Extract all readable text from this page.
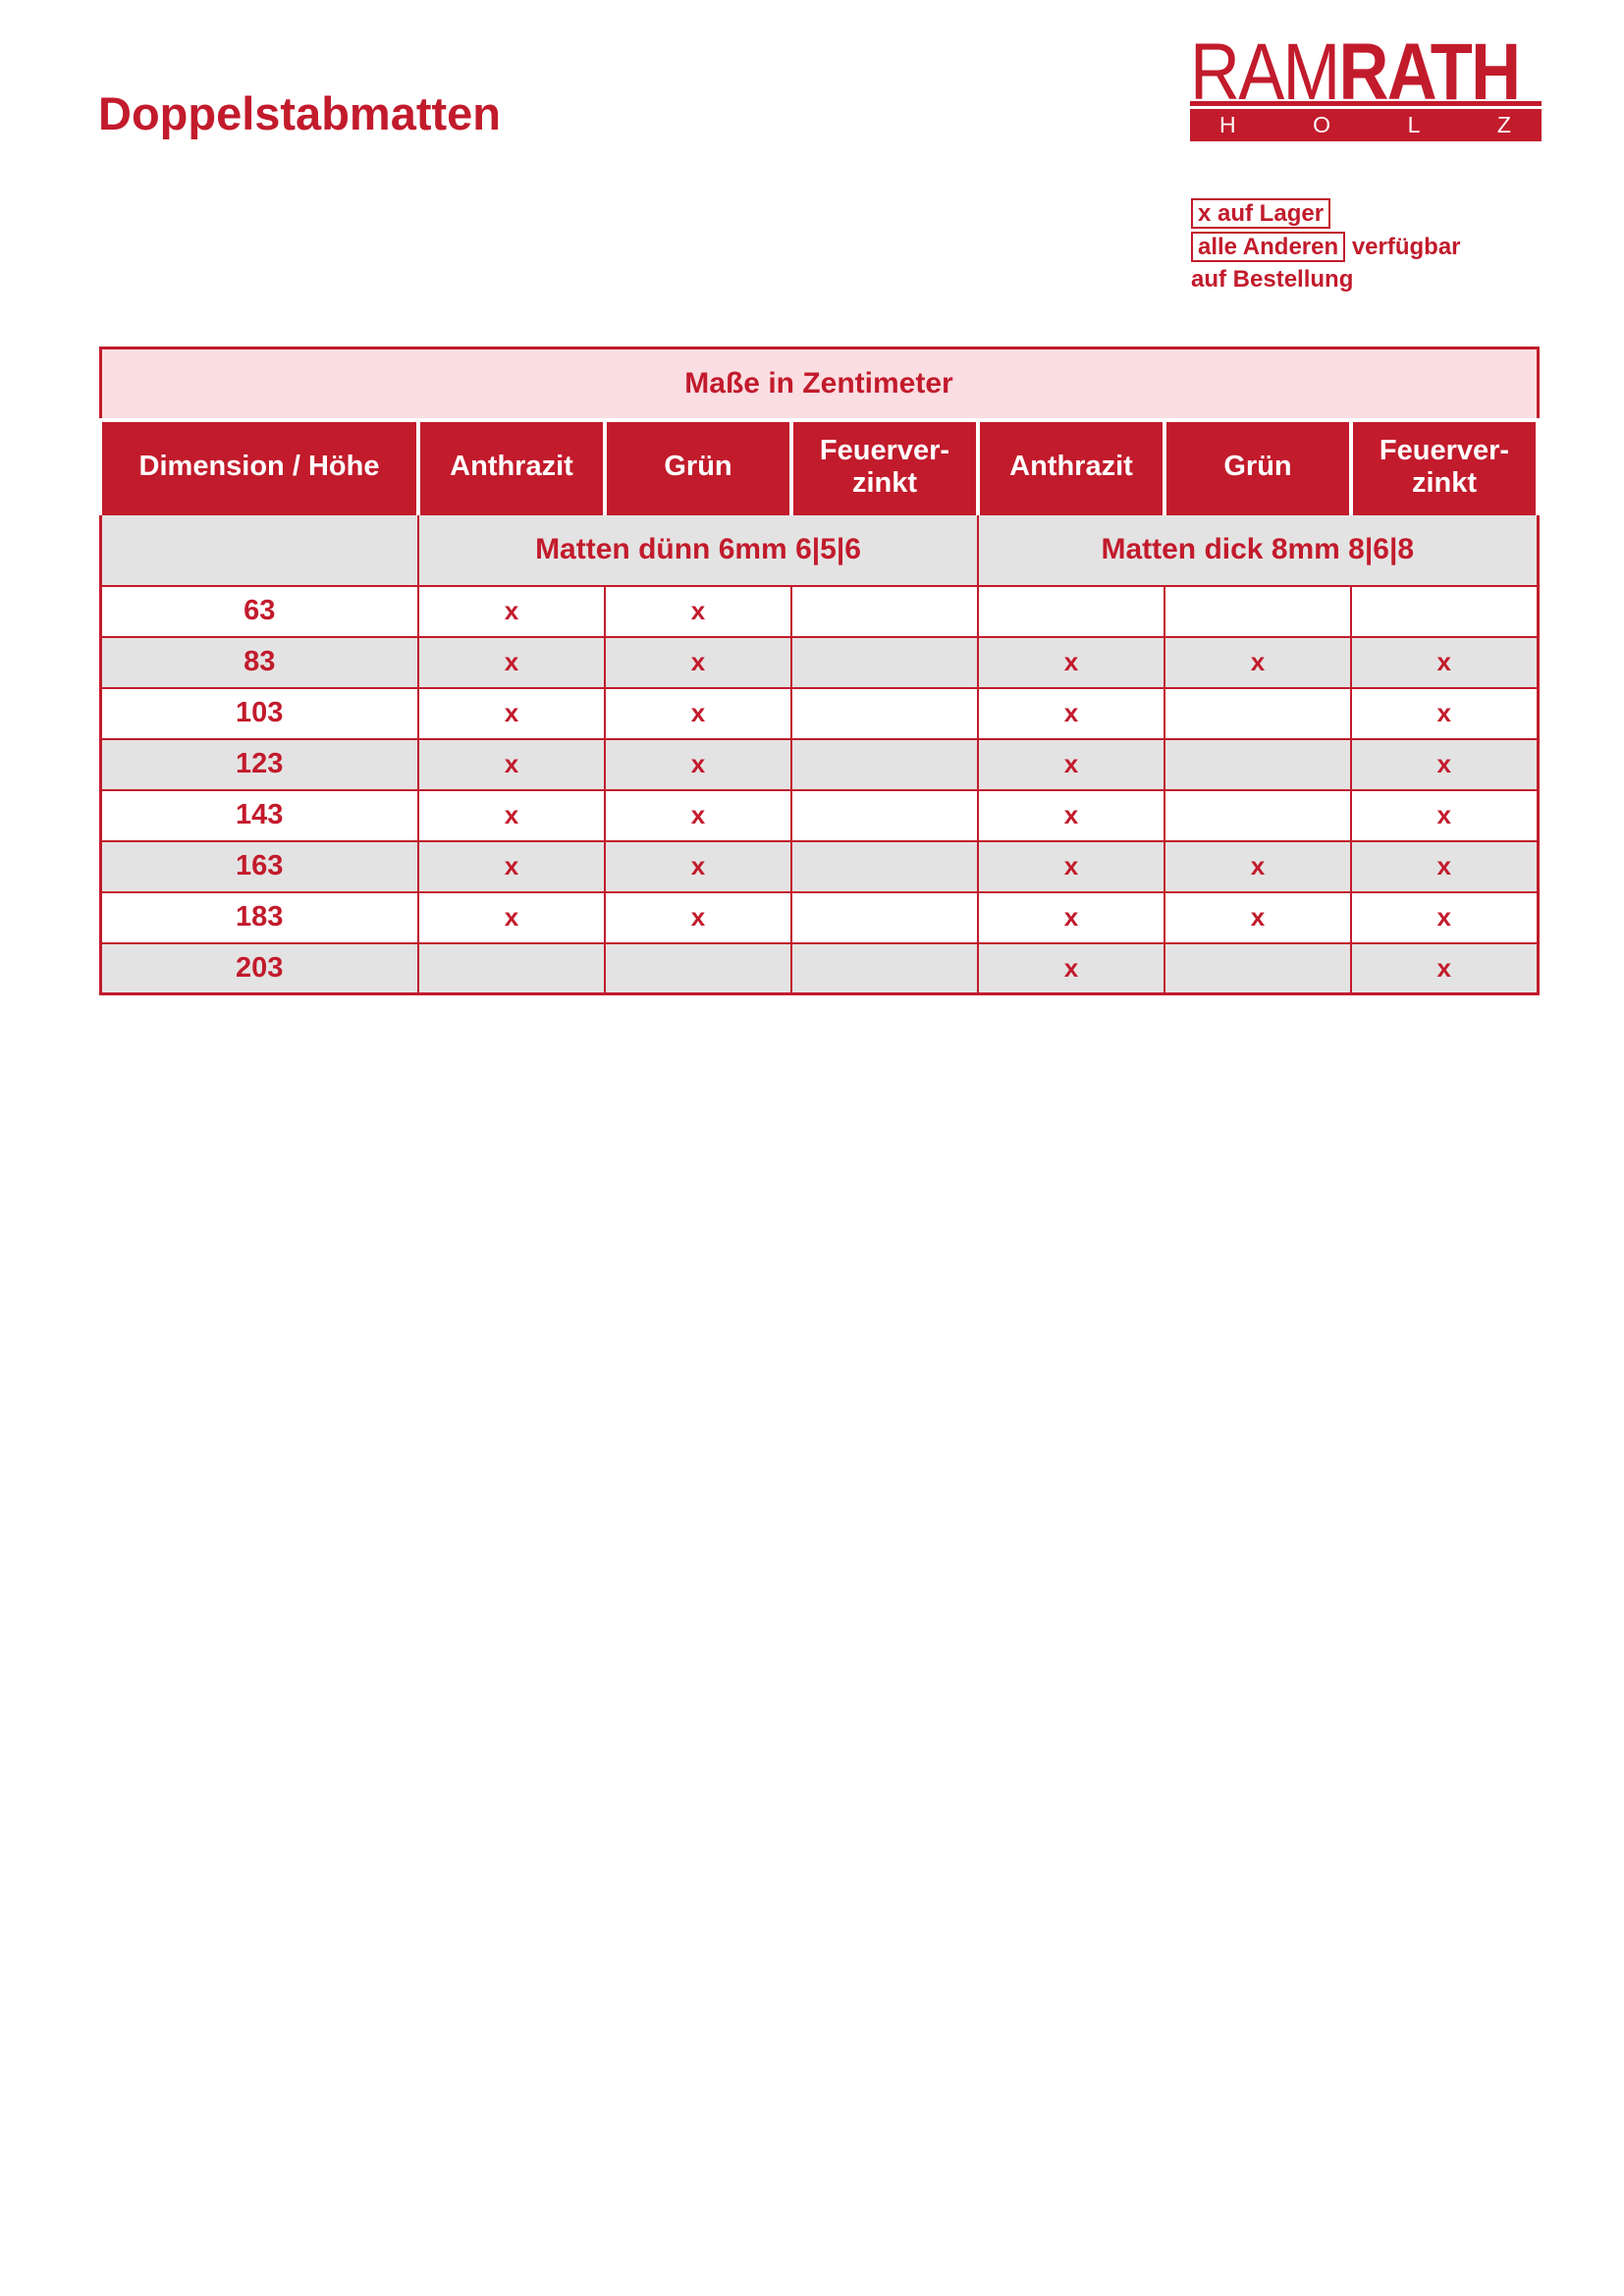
Doppelstabmatten	RAMRATH
H	O	L	Z
x auf Lager
alle Anderen verfügbar
auf Bestellung
Maße in Zentimeter						
Dimension / Höhe	Anthrazit	Grün	Feuerver-zinkt	Anthrazit	Grün	Feuerver-zinkt
	Matten dünn 6mm 6|5|6			Matten dick 8mm 8|6|8		
63	x	x				
83	x	x		x	x	x
103	x	x		x		x
123	x	x		x		x
143	x	x		x		x
163	x	x		x	x	x
183	x	x		x	x	x
203				x		x
